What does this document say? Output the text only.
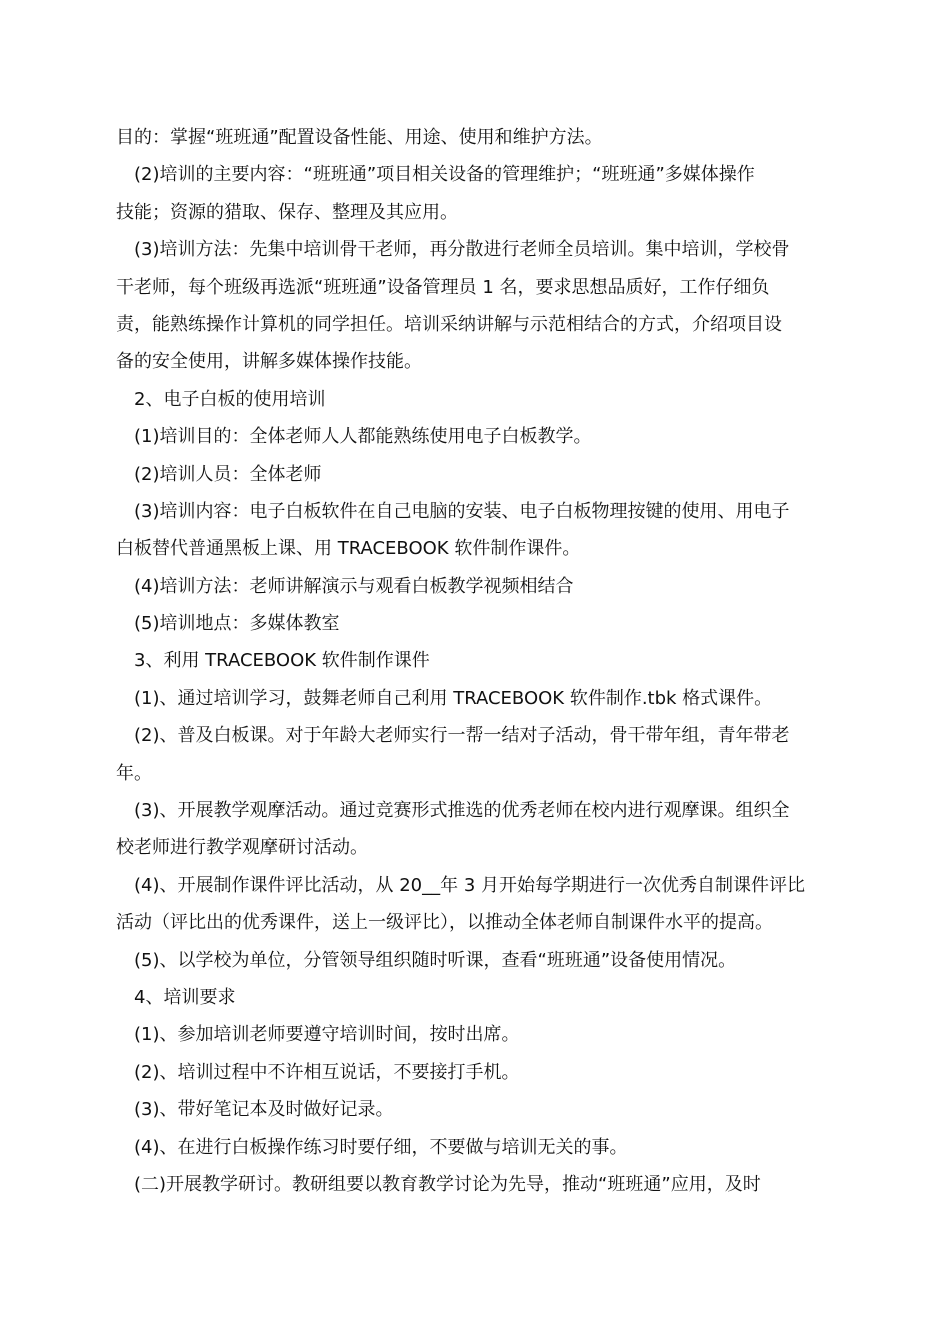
目的：掌握“班班通”配置设备性能、用途、使用和维护方法。
(2)培训的主要内容：“班班通”项目相关设备的管理维护；“班班通”多媒体操作
技能；资源的猎取、保存、整理及其应用。
(3)培训方法：先集中培训骨干老师，再分散进行老师全员培训。集中培训，学校骨
干老师，每个班级再选派“班班通”设备管理员 1 名，要求思想品质好，工作仔细负
责，能熟练操作计算机的同学担任。培训采纳讲解与示范相结合的方式，介绍项目设
备的安全使用，讲解多媒体操作技能。
2、电子白板的使用培训
(1)培训目的：全体老师人人都能熟练使用电子白板教学。
(2)培训人员：全体老师
(3)培训内容：电子白板软件在自己电脑的安装、电子白板物理按键的使用、用电子
白板替代普通黑板上课、用 TRACEBOOK 软件制作课件。
(4)培训方法：老师讲解演示与观看白板教学视频相结合
(5)培训地点：多媒体教室
3、利用 TRACEBOOK 软件制作课件
(1)、通过培训学习，鼓舞老师自己利用 TRACEBOOK 软件制作.tbk 格式课件。
(2)、普及白板课。对于年龄大老师实行一帮一结对子活动，骨干带年组，青年带老
年。
(3)、开展教学观摩活动。通过竞赛形式推选的优秀老师在校内进行观摩课。组织全
校老师进行教学观摩研讨活动。
(4)、开展制作课件评比活动，从 20__年 3 月开始每学期进行一次优秀自制课件评比
活动（评比出的优秀课件，送上一级评比），以推动全体老师自制课件水平的提高。
(5)、以学校为单位，分管领导组织随时听课，查看“班班通”设备使用情况。
4、培训要求
(1)、参加培训老师要遵守培训时间，按时出席。
(2)、培训过程中不许相互说话，不要接打手机。
(3)、带好笔记本及时做好记录。
(4)、在进行白板操作练习时要仔细，不要做与培训无关的事。
(二)开展教学研讨。教研组要以教育教学讨论为先导，推动“班班通”应用，及时
